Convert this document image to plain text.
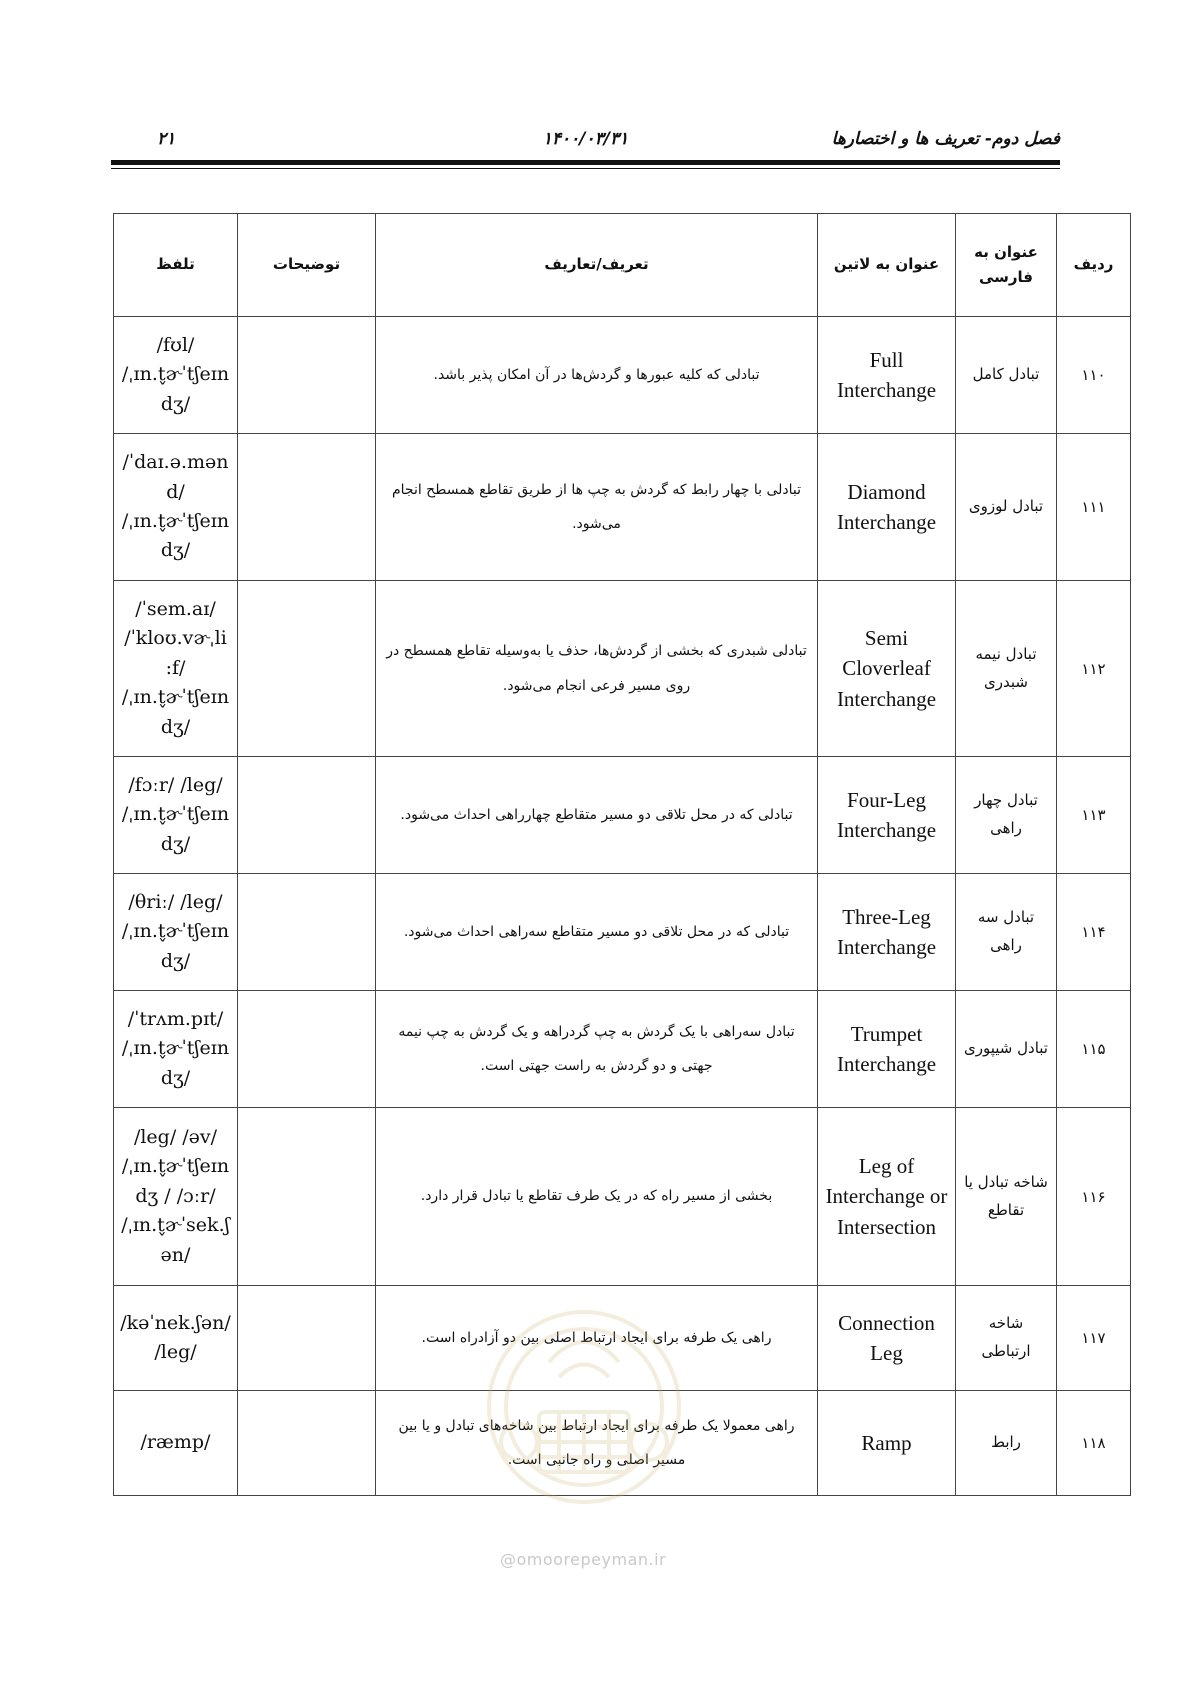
فصل دوم- تعریف ها و اختصارها
۱۴۰۰/۰۳/۳۱
۲۱
ردیف	عنوان به فارسی	عنوان به لاتین	تعریف/تعاریف	توضیحات	تلفظ
۱۱۰	تبادل کامل	Full Interchange	تبادلی که کلیه عبورها و گردش‌ها در آن امکان پذیر باشد.		/fʊl/
/ˌɪn.t̬ɚˈtʃeɪn
dʒ/
۱۱۱	تبادل لوزوی	Diamond Interchange	تبادلی با چهار رابط که گردش به چپ ها از طریق تقاطع همسطح انجام می‌شود.		/ˈdaɪ.ə.mən
d/
/ˌɪn.t̬ɚˈtʃeɪn
dʒ/
۱۱۲	تبادل نیمه شبدری	Semi Cloverleaf Interchange	تبادلی شبدری که بخشی از گردش‌ها، حذف یا به‌وسیله تقاطع همسطح در روی مسیر فرعی انجام می‌شود.		/ˈsem.aɪ/
/ˈkloʊ.vɚˌli
:f/
/ˌɪn.t̬ɚˈtʃeɪn
dʒ/
۱۱۳	تبادل چهار راهی	Four-Leg Interchange	تبادلی که در محل تلاقی دو مسیر متقاطع چهارراهی احداث می‌شود.		/fɔːr/ /leg/
/ˌɪn.t̬ɚˈtʃeɪn
dʒ/
۱۱۴	تبادل سه راهی	Three-Leg Interchange	تبادلی که در محل تلاقی دو مسیر متقاطع سه‌راهی احداث می‌شود.		/θriː/ /leg/
/ˌɪn.t̬ɚˈtʃeɪn
dʒ/
۱۱۵	تبادل شیپوری	Trumpet Interchange	تبادل سه‌راهی با یک گردش به چپ گردراهه و یک گردش به چپ نیمه جهتی و دو گردش به راست جهتی است.		/ˈtrʌm.pɪt/
/ˌɪn.t̬ɚˈtʃeɪn
dʒ/
۱۱۶	شاخه تبادل یا تقاطع	Leg of Interchange or Intersection	بخشی از مسیر راه که در یک طرف تقاطع یا تبادل قرار دارد.		/leg/ /əv/
/ˌɪn.t̬ɚˈtʃeɪn
dʒ / /ɔːr/
/ˌɪn.t̬ɚˈsek.ʃ
ən/
۱۱۷	شاخه ارتباطی	Connection Leg	راهی یک طرفه برای ایجاد ارتباط اصلی بین دو آزادراه است.		/kəˈnek.ʃən/
/leg/
۱۱۸	رابط	Ramp	راهی معمولا یک طرفه برای ایجاد ارتباط بین شاخه‌های تبادل و یا بین مسیر اصلی و راه جانبی است.		/ræmp/
@omoorepeyman.ir
